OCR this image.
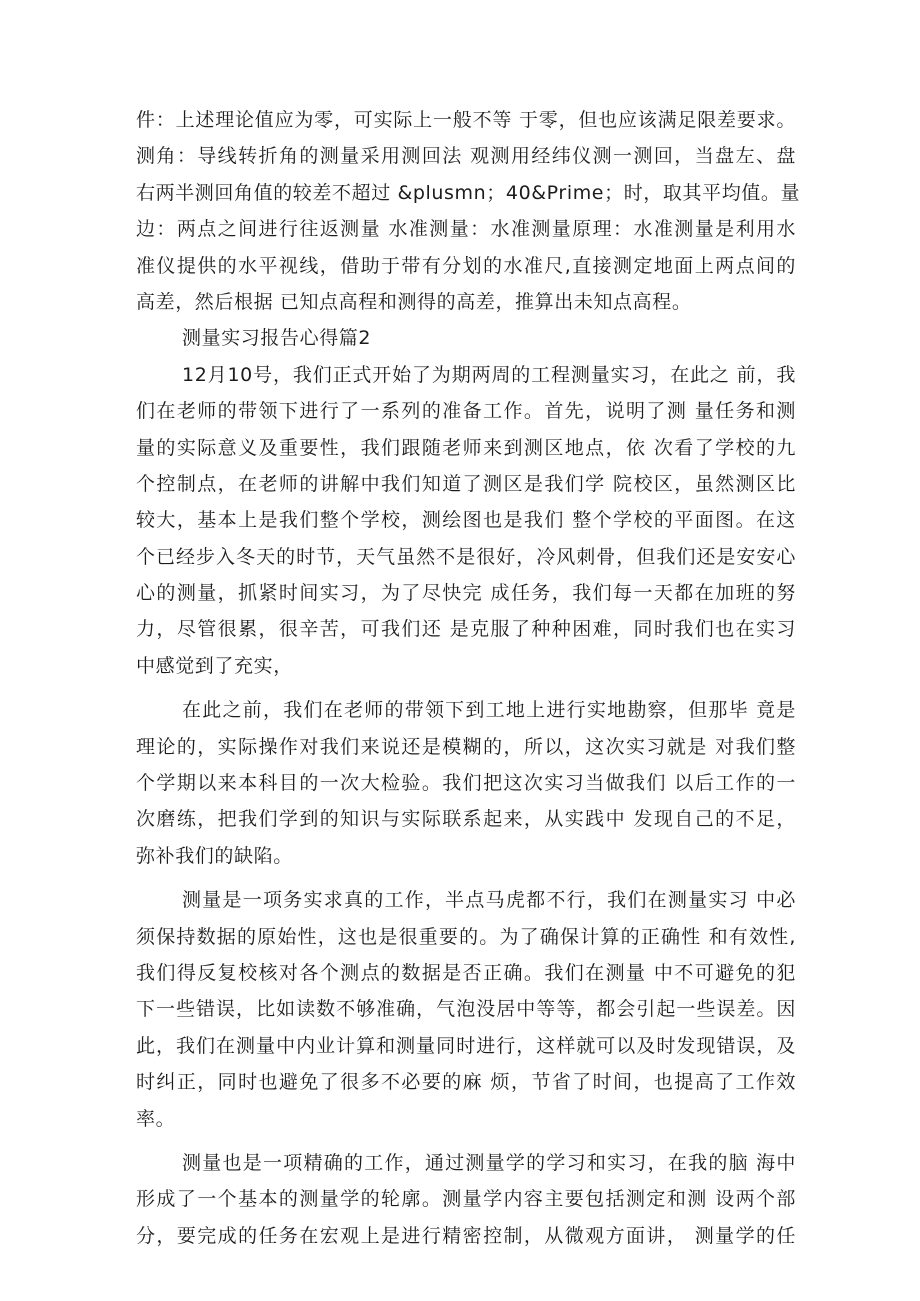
件：上述理论值应为零，可实际上一般不等 于零，但也应该满足限差要求。
测角：导线转折角的测量采用测回法 观测用经纬仪测一测回，当盘左、盘
右两半测回角值的较差不超过 &plusmn；40&Prime；时，取其平均值。量
边：两点之间进行往返测量 水准测量：水准测量原理：水准测量是利用水
准仪提供的水平视线，借助于带有分划的水准尺,直接测定地面上两点间的
高差，然后根据 已知点高程和测得的高差，推算出未知点高程。
测量实习报告心得篇2
12月10号，我们正式开始了为期两周的工程测量实习，在此之 前，我
们在老师的带领下进行了一系列的准备工作。首先，说明了测 量任务和测
量的实际意义及重要性，我们跟随老师来到测区地点，依 次看了学校的九
个控制点，在老师的讲解中我们知道了测区是我们学 院校区，虽然测区比
较大，基本上是我们整个学校，测绘图也是我们 整个学校的平面图。在这
个已经步入冬天的时节，天气虽然不是很好，冷风刺骨，但我们还是安安心
心的测量，抓紧时间实习，为了尽快完 成任务，我们每一天都在加班的努
力，尽管很累，很辛苦，可我们还 是克服了种种困难，同时我们也在实习
中感觉到了充实，
在此之前，我们在老师的带领下到工地上进行实地勘察，但那毕 竟是
理论的，实际操作对我们来说还是模糊的，所以，这次实习就是 对我们整
个学期以来本科目的一次大检验。我们把这次实习当做我们 以后工作的一
次磨练，把我们学到的知识与实际联系起来，从实践中 发现自己的不足，
弥补我们的缺陷。
测量是一项务实求真的工作，半点马虎都不行，我们在测量实习 中必
须保持数据的原始性，这也是很重要的。为了确保计算的正确性 和有效性,
我们得反复校核对各个测点的数据是否正确。我们在测量 中不可避免的犯
下一些错误，比如读数不够准确，气泡没居中等等，都会引起一些误差。因
此，我们在测量中内业计算和测量同时进行，这样就可以及时发现错误，及
时纠正，同时也避免了很多不必要的麻 烦，节省了时间，也提高了工作效
率。
测量也是一项精确的工作，通过测量学的学习和实习，在我的脑 海中
形成了一个基本的测量学的轮廓。测量学内容主要包括测定和测 设两个部
分，要完成的任务在宏观上是进行精密控制，从微观方面讲， 测量学的任
